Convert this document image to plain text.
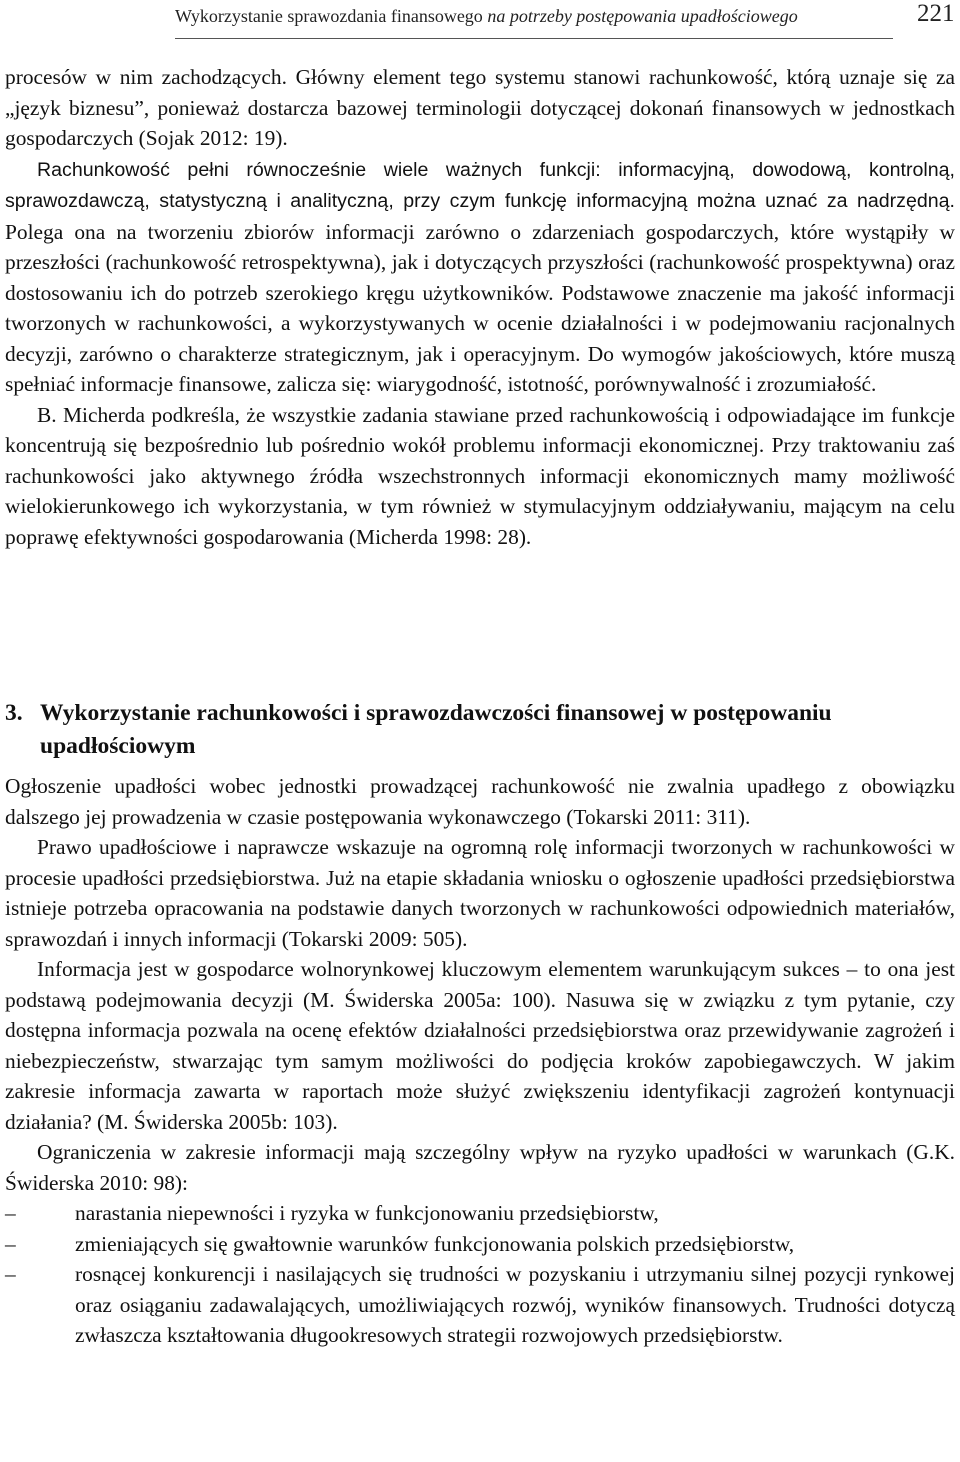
Wykorzystanie sprawozdania finansowego na potrzeby postępowania upadłościowego	221

procesów w nim zachodzących. Główny element tego systemu stanowi rachunkowość, którą uznaje się za „język biznesu”, ponieważ dostarcza bazowej terminologii dotyczącej dokonań finansowych w jednostkach gospodarczych (Sojak 2012: 19).

Rachunkowość pełni równocześnie wiele ważnych funkcji: informacyjną, dowodową, kontrolną, sprawozdawczą, statystyczną i analityczną, przy czym funkcję informacyjną można uznać za nadrzędną. Polega ona na tworzeniu zbiorów informacji zarówno o zdarzeniach gospodarczych, które wystąpiły w przeszłości (rachunkowość retrospektywna), jak i dotyczących przyszłości (rachunkowość prospektywna) oraz dostosowaniu ich do potrzeb szerokiego kręgu użytkowników. Podstawowe znaczenie ma jakość informacji tworzonych w rachunkowości, a wykorzystywanych w ocenie działalności i w podejmowaniu racjonalnych decyzji, zarówno o charakterze strategicznym, jak i operacyjnym. Do wymogów jakościowych, które muszą spełniać informacje finansowe, zalicza się: wiarygodność, istotność, porównywalność i zrozumiałość.

B. Micherda podkreśla, że wszystkie zadania stawiane przed rachunkowością i odpowiadające im funkcje koncentrują się bezpośrednio lub pośrednio wokół problemu informacji ekonomicznej. Przy traktowaniu zaś rachunkowości jako aktywnego źródła wszechstronnych informacji ekonomicznych mamy możliwość wielokierunkowego ich wykorzystania, w tym również w stymulacyjnym oddziaływaniu, mającym na celu poprawę efektywności gospodarowania (Micherda 1998: 28).

3. Wykorzystanie rachunkowości i sprawozdawczości finansowej w postępowaniu upadłościowym

Ogłoszenie upadłości wobec jednostki prowadzącej rachunkowość nie zwalnia upadłego z obowiązku dalszego jej prowadzenia w czasie postępowania wykonawczego (Tokarski 2011: 311).

Prawo upadłościowe i naprawcze wskazuje na ogromną rolę informacji tworzonych w rachunkowości w procesie upadłości przedsiębiorstwa. Już na etapie składania wniosku o ogłoszenie upadłości przedsiębiorstwa istnieje potrzeba opracowania na podstawie danych tworzonych w rachunkowości odpowiednich materiałów, sprawozdań i innych informacji (Tokarski 2009: 505).

Informacja jest w gospodarce wolnorynkowej kluczowym elementem warunkującym sukces – to ona jest podstawą podejmowania decyzji (M. Świderska 2005a: 100). Nasuwa się w związku z tym pytanie, czy dostępna informacja pozwala na ocenę efektów działalności przedsiębiorstwa oraz przewidywanie zagrożeń i niebezpieczeństw, stwarzając tym samym możliwości do podjęcia kroków zapobiegawczych. W jakim zakresie informacja zawarta w raportach może służyć zwiększeniu identyfikacji zagrożeń kontynuacji działania? (M. Świderska 2005b: 103).

Ograniczenia w zakresie informacji mają szczególny wpływ na ryzyko upadłości w warunkach (G.K. Świderska 2010: 98):

–	narastania niepewności i ryzyka w funkcjonowaniu przedsiębiorstw,
–	zmieniających się gwałtownie warunków funkcjonowania polskich przedsiębiorstw,
–	rosnącej konkurencji i nasilających się trudności w pozyskaniu i utrzymaniu silnej pozycji rynkowej oraz osiąganiu zadawalających, umożliwiających rozwój, wyników finansowych. Trudności dotyczą zwłaszcza kształtowania długookresowych strategii rozwojowych przedsiębiorstw.
